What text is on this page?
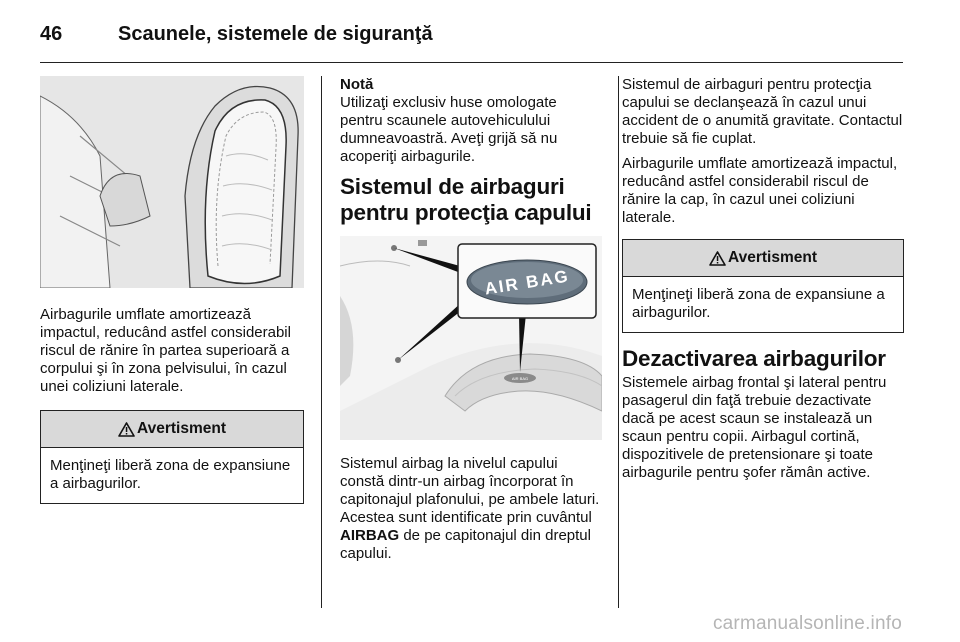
46	Scaunele, sistemele de siguranţă

Airbagurile umflate amortizează impactul, reducând astfel considerabil riscul de rănire în partea superioară a corpului şi în zona pelvisului, în cazul unei coliziuni laterale.

Avertisment

Menţineţi liberă zona de expansiune a airbagurilor.

Notă

Utilizaţi exclusiv huse omologate pentru scaunele autovehiculului dumneavoastră. Aveţi grijă să nu acoperiţi airbagurile.

Sistemul de airbaguri pentru protecţia capului
AIR BAG
AIR BAG

Sistemul airbag la nivelul capului constă dintr-un airbag încorporat în capitonajul plafonului, pe ambele laturi. Acestea sunt identificate prin cuvântul AIRBAG de pe capitonajul din dreptul capului.

Sistemul de airbaguri pentru protecţia capului se declanşează în cazul unui accident de o anumită gravitate. Contactul trebuie să fie cuplat.

Airbagurile umflate amortizează impactul, reducând astfel considerabil riscul de rănire la cap, în cazul unei coliziuni laterale.

Avertisment

Menţineţi liberă zona de expansiune a airbagurilor.

Dezactivarea airbagurilor

Sistemele airbag frontal şi lateral pentru pasagerul din faţă trebuie dezactivate dacă pe acest scaun se instalează un scaun pentru copii. Airbagul cortină, dispozitivele de pretensionare şi toate airbagurile pentru şofer rămân active.

carmanualsonline.info
